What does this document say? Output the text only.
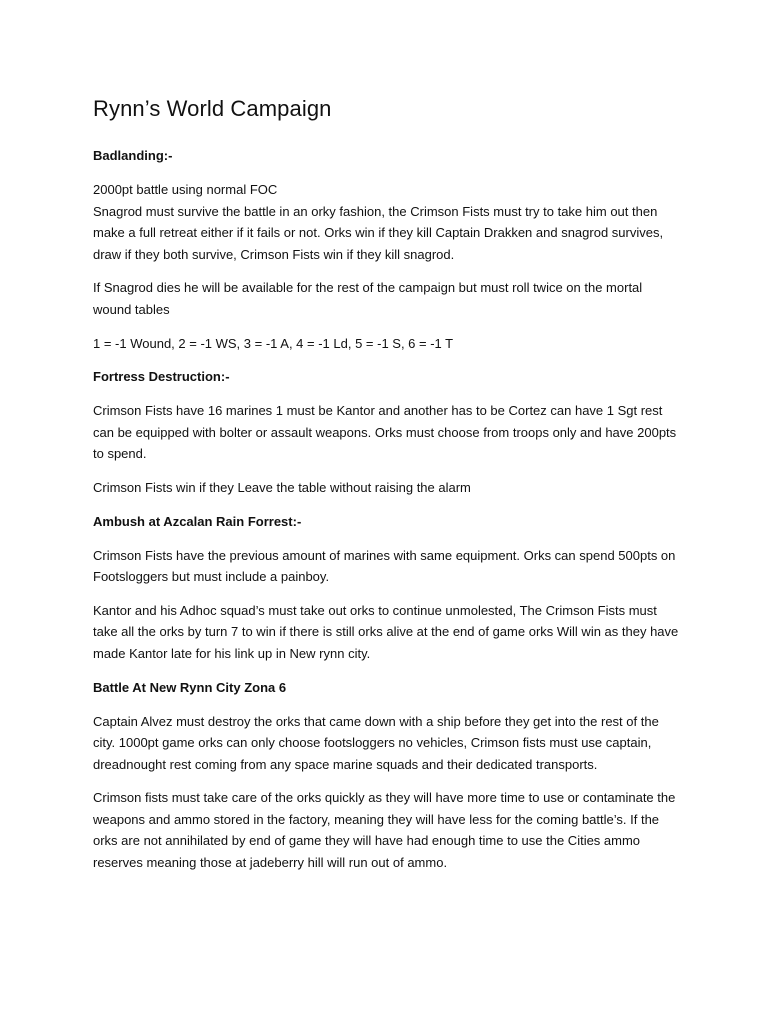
Rynn’s World Campaign
Badlanding:-
2000pt battle using normal FOC
Snagrod must survive the battle in an orky fashion, the Crimson Fists must try to take him out then make a full retreat either if it fails or not. Orks win if they kill Captain Drakken and snagrod survives, draw if they both survive, Crimson Fists win if they kill snagrod.
If Snagrod dies he will be available for the rest of the campaign but must roll twice on the mortal wound tables
1 = -1 Wound, 2 = -1 WS, 3 = -1 A, 4 = -1 Ld, 5 = -1 S, 6 = -1 T
Fortress Destruction:-
Crimson Fists have 16 marines 1 must be Kantor and another has to be Cortez can have 1 Sgt rest can be equipped with bolter or assault weapons. Orks must choose from troops only and have 200pts to spend.
Crimson Fists win if they Leave the table without raising the alarm
Ambush at Azcalan Rain Forrest:-
Crimson Fists have the previous amount of marines with same equipment. Orks can spend 500pts on Footsloggers but must include a painboy.
Kantor and his Adhoc squad’s must take out orks to continue unmolested, The Crimson Fists must take all the orks by turn 7 to win if there is still orks alive at the end of game orks Will win as they have made Kantor late for his link up in New rynn city.
Battle At New Rynn City Zona 6
Captain Alvez must destroy the orks that came down with a ship before they get into the rest of the city. 1000pt game orks can only choose footsloggers no vehicles, Crimson fists must use captain, dreadnought rest coming from any space marine squads and their dedicated transports.
Crimson fists must take care of the orks quickly as they will have more time to use or contaminate the weapons and ammo stored in the factory, meaning they will have less for the coming battle’s. If the orks are not annihilated by end of game they will have had enough time to use the Cities ammo reserves meaning those at jadeberry hill will run out of ammo.
